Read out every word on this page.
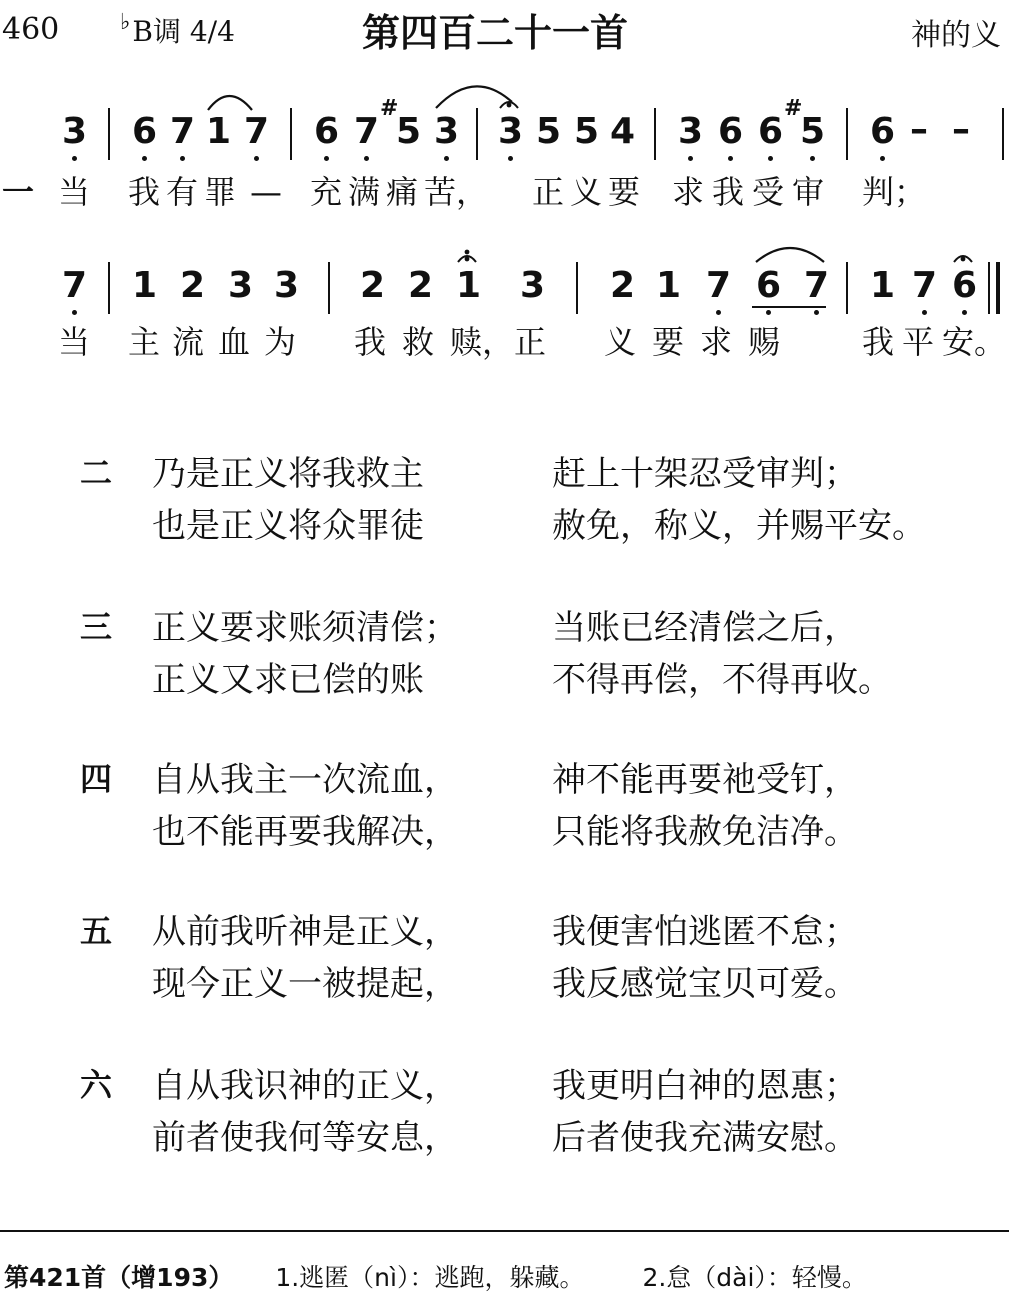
460	♭B调 4/4	第四百二十一首	神的义
3 6 7 1 7 6 7
#
5 3 3 5 5 4 3 6 6
#
5 6 – –
一 当 我 有 罪 — 充 满 痛 苦， 正 义 要 求 我 受 审 判；
7 1 2 3 3 2 2 1 3 2 1 7 6 7 1 7 6
当 主 流 血 为 我 救 赎， 正 义 要 求 赐	我 平 安。
二 乃是正义将我救主	赶上十架忍受审判；
也是正义将众罪徒	赦免，称义，并赐平安。
三 正义要求账须清偿；	当账已经清偿之后，
正义又求已偿的账	不得再偿，不得再收。
四 自从我主一次流血，	神不能再要祂受钉，
也不能再要我解决，	只能将我赦免洁净。
五 从前我听神是正义，	我便害怕逃匿不怠；
现今正义一被提起，	我反感觉宝贝可爱。
六 自从我识神的正义，	我更明白神的恩惠；
前者使我何等安息，	后者使我充满安慰。
第421首（增193） 1.逃匿（nì）：逃跑，躲藏。 2.怠（dài）：轻慢。
